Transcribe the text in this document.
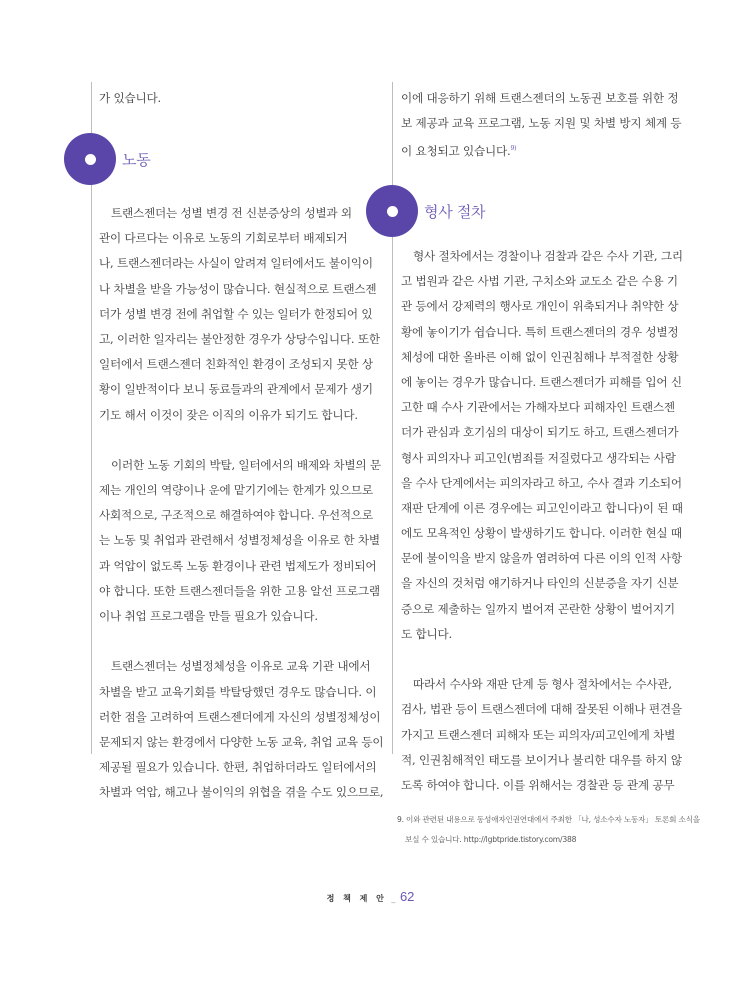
가 있습니다.
노동
트랜스젠더는 성별 변경 전 신분증상의 성별과 외
관이 다르다는 이유로 노동의 기회로부터 배제되거
나, 트랜스젠더라는 사실이 알려져 일터에서도 불이익이
나 차별을 받을 가능성이 많습니다. 현실적으로 트랜스젠
더가 성별 변경 전에 취업할 수 있는 일터가 한정되어 있
고, 이러한 일자리는 불안정한 경우가 상당수입니다. 또한
일터에서 트랜스젠더 친화적인 환경이 조성되지 못한 상
황이 일반적이다 보니 동료들과의 관계에서 문제가 생기
기도 해서 이것이 잦은 이직의 이유가 되기도 합니다.
이러한 노동 기회의 박탈, 일터에서의 배제와 차별의 문
제는 개인의 역량이나 운에 맡기기에는 한계가 있으므로
사회적으로, 구조적으로 해결하여야 합니다. 우선적으로
는 노동 및 취업과 관련해서 성별정체성을 이유로 한 차별
과 억압이 없도록 노동 환경이나 관련 법제도가 정비되어
야 합니다. 또한 트랜스젠더들을 위한 고용 알선 프로그램
이나 취업 프로그램을 만들 필요가 있습니다.
트랜스젠더는 성별정체성을 이유로 교육 기관 내에서
차별을 받고 교육기회를 박탈당했던 경우도 많습니다. 이
러한 점을 고려하여 트랜스젠더에게 자신의 성별정체성이
문제되지 않는 환경에서 다양한 노동 교육, 취업 교육 등이
제공될 필요가 있습니다. 한편, 취업하더라도 일터에서의
차별과 억압, 해고나 불이익의 위협을 겪을 수도 있으므로,
이에 대응하기 위해 트랜스젠더의 노동권 보호를 위한 정
보 제공과 교육 프로그램, 노동 지원 및 차별 방지 체계 등
이 요청되고 있습니다.$^{9)}$
형사 절차
형사 절차에서는 경찰이나 검찰과 같은 수사 기관, 그리
고 법원과 같은 사법 기관, 구치소와 교도소 같은 수용 기
관 등에서 강제력의 행사로 개인이 위축되거나 취약한 상
황에 놓이기가 쉽습니다. 특히 트랜스젠더의 경우 성별정
체성에 대한 올바른 이해 없이 인권침해나 부적절한 상황
에 놓이는 경우가 많습니다. 트랜스젠더가 피해를 입어 신
고한 때 수사 기관에서는 가해자보다 피해자인 트랜스젠
더가 관심과 호기심의 대상이 되기도 하고, 트랜스젠더가
형사 피의자나 피고인(범죄를 저질렀다고 생각되는 사람
을 수사 단계에서는 피의자라고 하고, 수사 결과 기소되어
재판 단계에 이른 경우에는 피고인이라고 합니다)이 된 때
에도 모욕적인 상황이 발생하기도 합니다. 이러한 현실 때
문에 불이익을 받지 않을까 염려하여 다른 이의 인적 사항
을 자신의 것처럼 얘기하거나 타인의 신분증을 자기 신분
증으로 제출하는 일까지 벌어져 곤란한 상황이 벌어지기
도 합니다.
따라서 수사와 재판 단계 등 형사 절차에서는 수사관,
검사, 법관 등이 트랜스젠더에 대해 잘못된 이해나 편견을
가지고 트랜스젠더 피해자 또는 피의자/피고인에게 차별
적, 인권침해적인 태도를 보이거나 불리한 대우를 하지 않
도록 하여야 합니다. 이를 위해서는 경찰관 등 관계 공무
9. 이와 관련된 내용으로 동성애자인권연대에서 주최한 「나, 성소수자 노동자」 토론회 소식을
보실 수 있습니다. http://lgbtpride.tistory.com/388
정 책 제 안 _ 62
